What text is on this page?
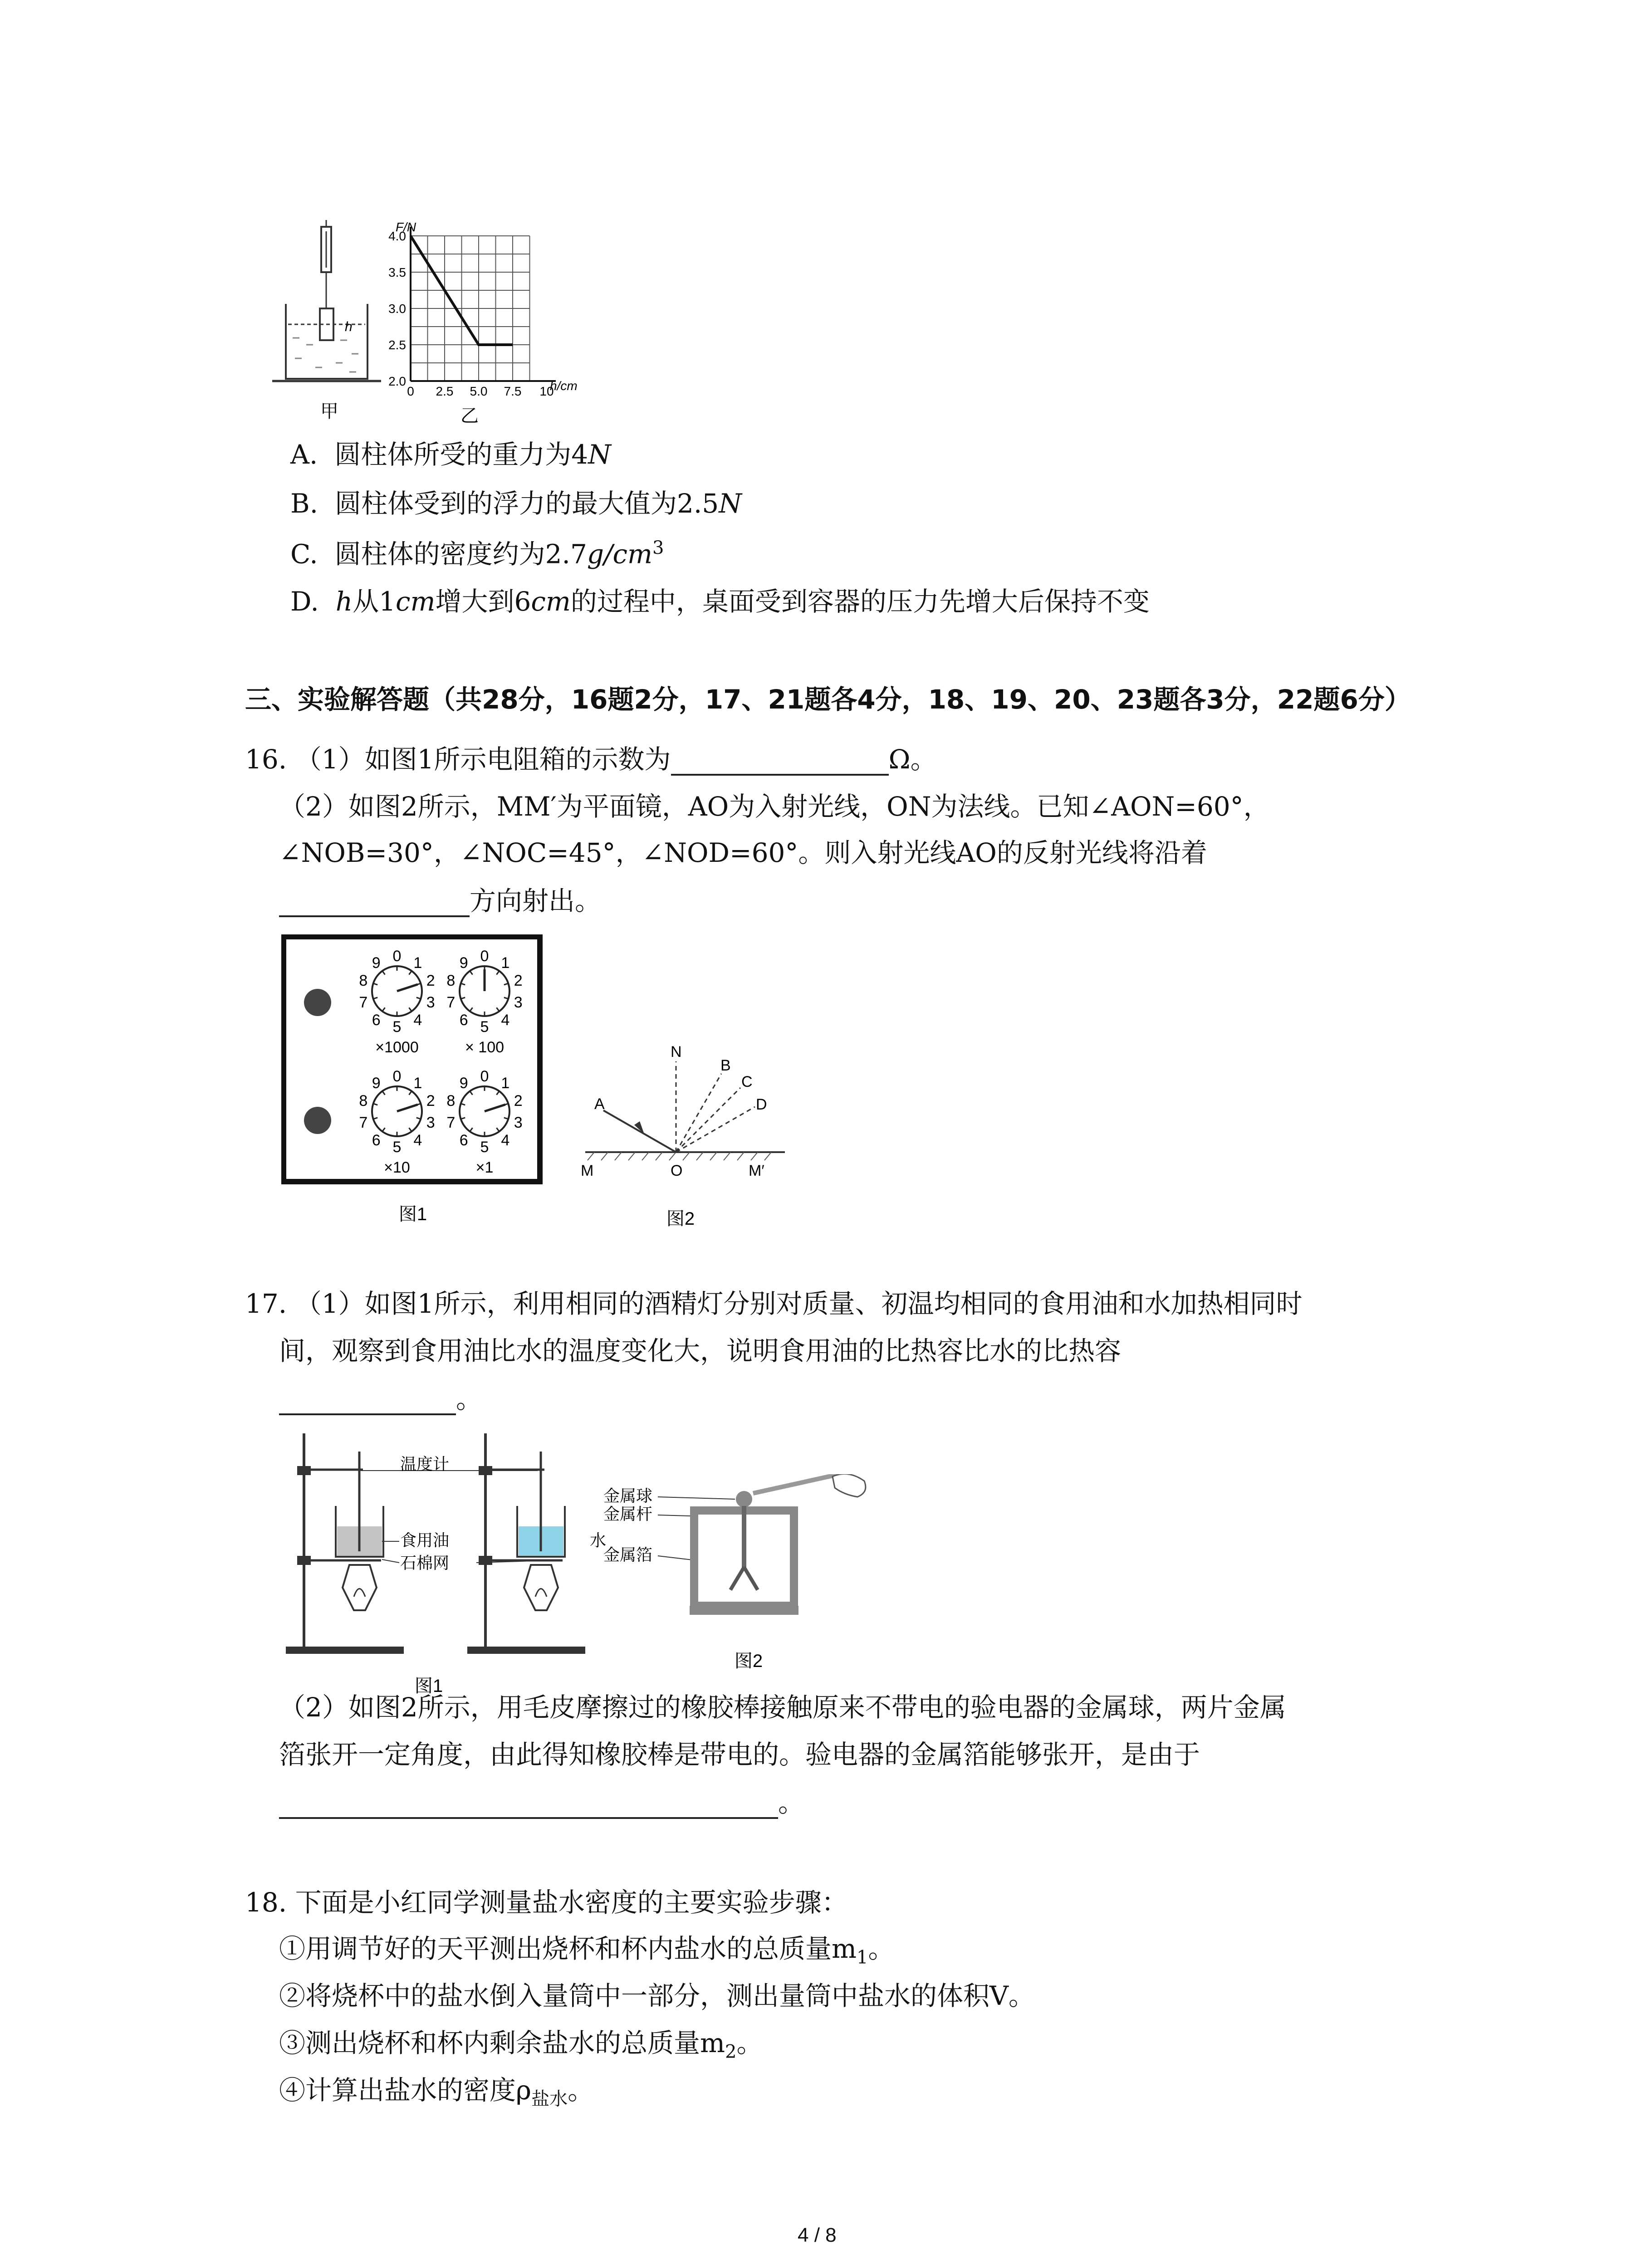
h
甲
F/N
h/cm
乙
4.0
3.5
3.0
2.5
2.0
0 2.5 5.0 7.5 10
A. 圆柱体所受的重力为4N
B. 圆柱体受到的浮力的最大值为2.5N
C. 圆柱体的密度约为$2.7g/cm^3$
D. h从1cm增大到6cm的过程中，桌面受到容器的压力先增大后保持不变
三、实验解答题（共28分，16题2分，17、21题各4分，18、19、20、23题各3分，22题6分）
16. （1）如图1所示电阻箱的示数为	Ω。
（2）如图2所示，MM′为平面镜，AO为入射光线，ON为法线。已知∠AON=60°，
∠NOB=30°，∠NOC=45°，∠NOD=60°。则入射光线AO的反射光线将沿着
方向射出。
0 1
2
3
4
5
6
7
8
9
×1000
0 1
2
3
4
5
6
7
8
9
× 100
0 1
2
3
4
5
6
7
8
9
×10
0 1
2
3
4
5
6
7
8
9
×1
图1
A
N
B
C
D
M	O	M′
图2
17. （1）如图1所示，利用相同的酒精灯分别对质量、初温均相同的食用油和水加热相同时
间，观察到食用油比水的温度变化大，说明食用油的比热容比水的比热容
。
温度计
食用油
石棉网
水
图1
金属球
金属杆
金属箔
图2
（2）如图2所示，用毛皮摩擦过的橡胶棒接触原来不带电的验电器的金属球，两片金属
箔张开一定角度，由此得知橡胶棒是带电的。验电器的金属箔能够张开，是由于
。
18. 下面是小红同学测量盐水密度的主要实验步骤：
①用调节好的天平测出烧杯和杯内盐水的总质量$m_1$。
②将烧杯中的盐水倒入量筒中一部分，测出量筒中盐水的体积V。
③测出烧杯和杯内剩余盐水的总质量$m_2$。
④计算出盐水的密度$\rho_{盐水}$。
4 / 8
